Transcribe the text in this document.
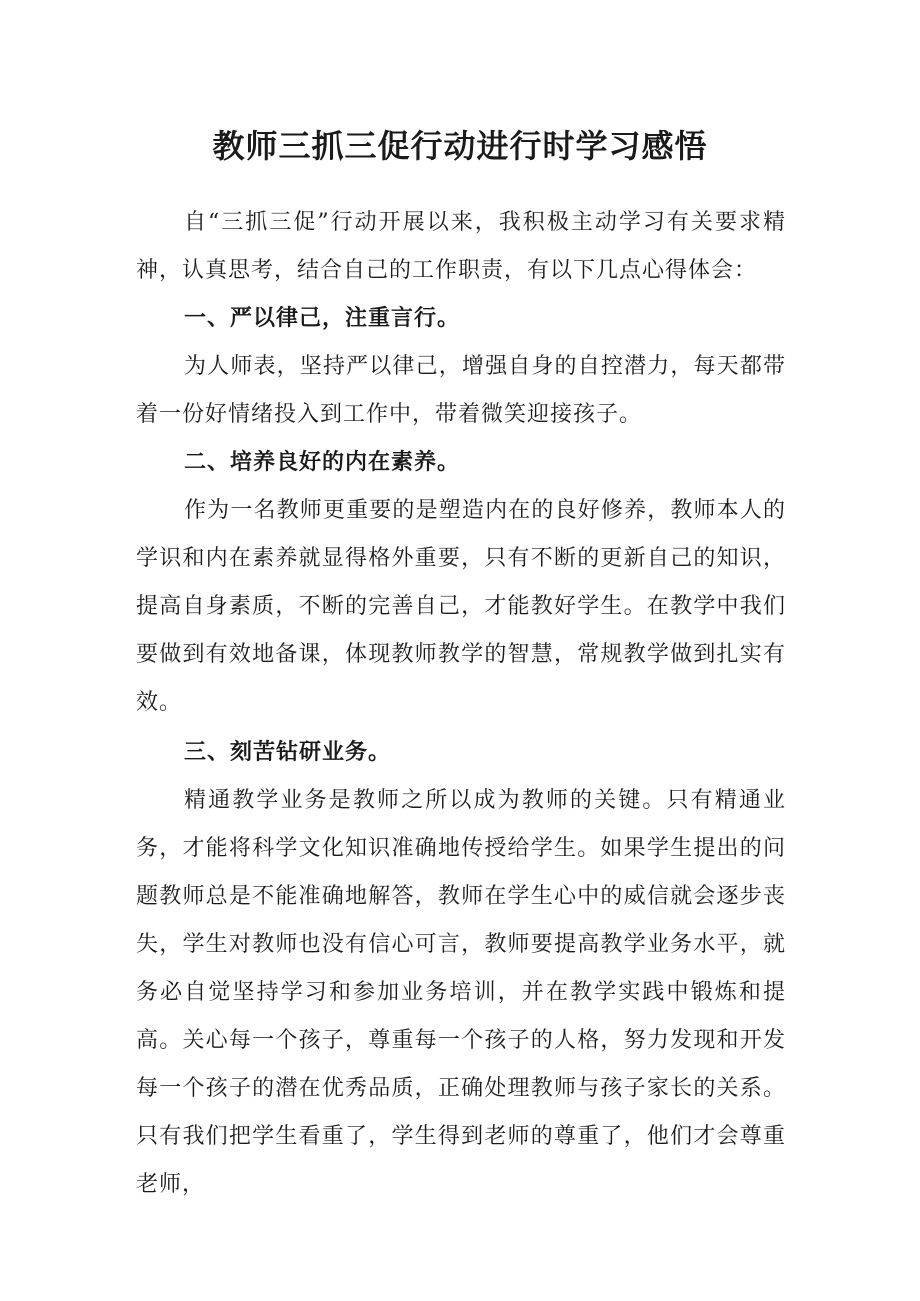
教师三抓三促行动进行时学习感悟

自“三抓三促”行动开展以来，我积极主动学习有关要求精神，认真思考，结合自己的工作职责，有以下几点心得体会：

一、严以律己，注重言行。

为人师表，坚持严以律己，增强自身的自控潜力，每天都带着一份好情绪投入到工作中，带着微笑迎接孩子。

二、培养良好的内在素养。

作为一名教师更重要的是塑造内在的良好修养，教师本人的学识和内在素养就显得格外重要，只有不断的更新自己的知识，提高自身素质，不断的完善自己，才能教好学生。在教学中我们要做到有效地备课，体现教师教学的智慧，常规教学做到扎实有效。

三、刻苦钻研业务。

精通教学业务是教师之所以成为教师的关键。只有精通业务，才能将科学文化知识准确地传授给学生。如果学生提出的问题教师总是不能准确地解答，教师在学生心中的威信就会逐步丧失，学生对教师也没有信心可言，教师要提高教学业务水平，就务必自觉坚持学习和参加业务培训，并在教学实践中锻炼和提高。关心每一个孩子，尊重每一个孩子的人格，努力发现和开发每一个孩子的潜在优秀品质，正确处理教师与孩子家长的关系。只有我们把学生看重了，学生得到老师的尊重了，他们才会尊重老师，
